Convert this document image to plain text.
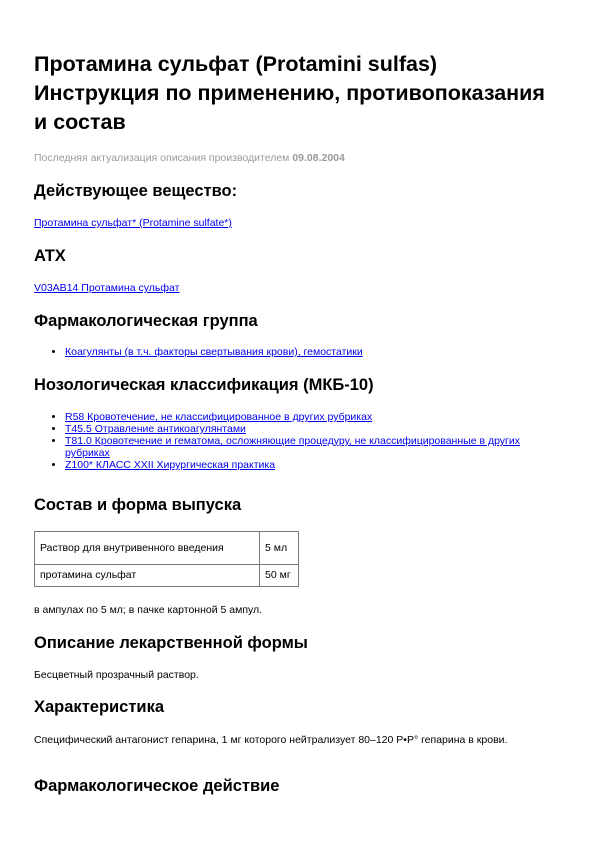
Протамина сульфат (Protamini sulfas) Инструкция по применению, противопоказания и состав
Последняя актуализация описания производителем 09.08.2004
Действующее вещество:
Протамина сульфат* (Protamine sulfate*)
ATX
V03AB14 Протамина сульфат
Фармакологическая группа
• Коагулянты (в т.ч. факторы свертывания крови), гемостатики
Нозологическая классификация (МКБ-10)
• R58 Кровотечение, не классифицированное в других рубриках
• T45.5 Отравление антикоагулянтами
• T81.0 Кровотечение и гематома, осложняющие процедуру, не классифицированные в других рубриках
• Z100* КЛАСС XXII Хирургическая практика
Состав и форма выпуска
Раствор для внутривенного введения	5 мл
протамина сульфат	50 мг
в ампулах по 5 мл; в пачке картонной 5 ампул.
Описание лекарственной формы
Бесцветный прозрачный раствор.
Характеристика
Специфический антагонист гепарина, 1 мг которого нейтрализует 80–120 Р•Р° гепарина в крови.
Фармакологическое действие
